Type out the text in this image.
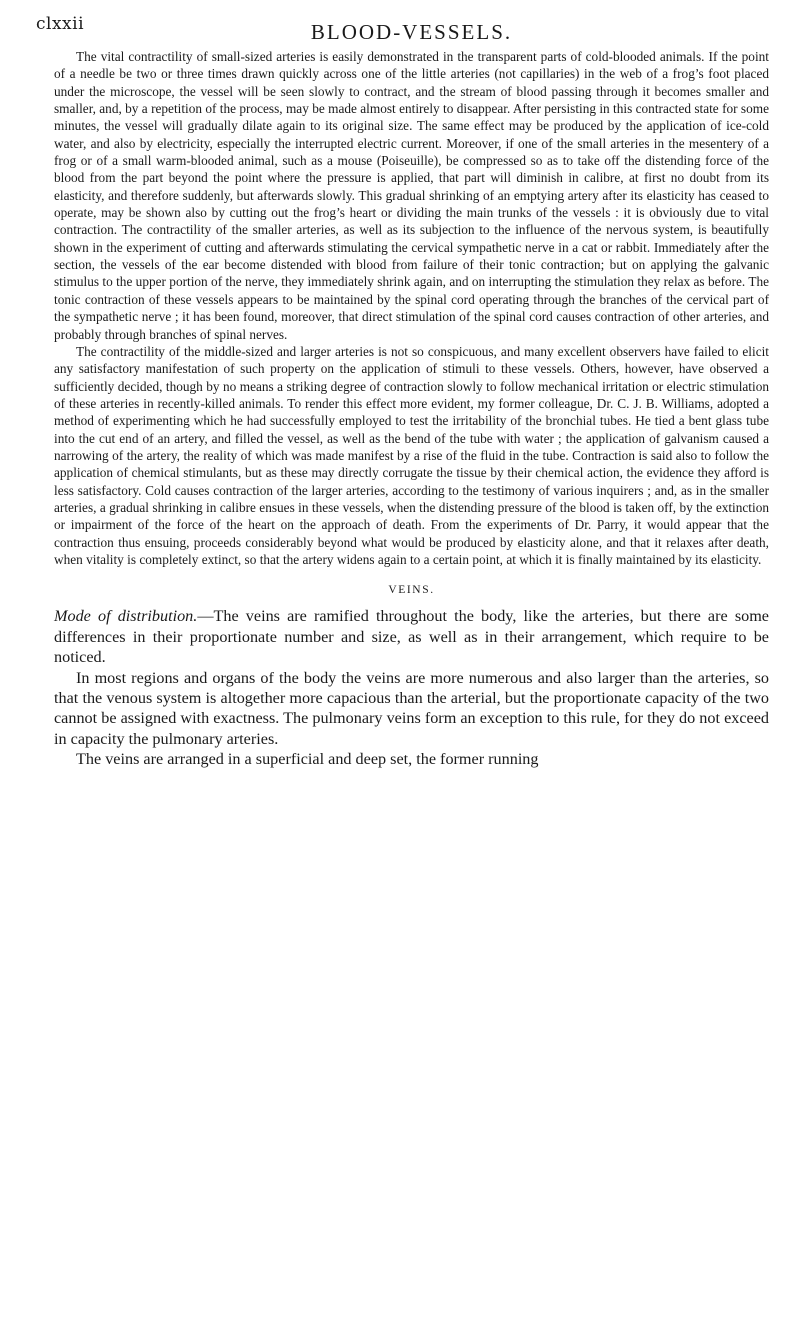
clxxii	BLOOD-VESSELS.

The vital contractility of small-sized arteries is easily demonstrated in the transparent parts of cold-blooded animals. If the point of a needle be two or three times drawn quickly across one of the little arteries (not capillaries) in the web of a frog’s foot placed under the microscope, the vessel will be seen slowly to contract, and the stream of blood passing through it becomes smaller and smaller, and, by a repetition of the process, may be made almost entirely to disappear. After persisting in this contracted state for some minutes, the vessel will gradually dilate again to its original size. The same effect may be produced by the application of ice-cold water, and also by electricity, especially the interrupted electric current. Moreover, if one of the small arteries in the mesentery of a frog or of a small warm-blooded animal, such as a mouse (Poiseuille), be compressed so as to take off the distending force of the blood from the part beyond the point where the pressure is applied, that part will diminish in calibre, at first no doubt from its elasticity, and therefore suddenly, but afterwards slowly. This gradual shrinking of an emptying artery after its elasticity has ceased to operate, may be shown also by cutting out the frog’s heart or dividing the main trunks of the vessels : it is obviously due to vital contraction. The contractility of the smaller arteries, as well as its subjection to the influence of the nervous system, is beautifully shown in the experiment of cutting and afterwards stimulating the cervical sympathetic nerve in a cat or rabbit. Immediately after the section, the vessels of the ear become distended with blood from failure of their tonic contraction; but on applying the galvanic stimulus to the upper portion of the nerve, they immediately shrink again, and on interrupting the stimulation they relax as before. The tonic contraction of these vessels appears to be maintained by the spinal cord operating through the branches of the cervical part of the sympathetic nerve ; it has been found, moreover, that direct stimulation of the spinal cord causes contraction of other arteries, and probably through branches of spinal nerves.

The contractility of the middle-sized and larger arteries is not so conspicuous, and many excellent observers have failed to elicit any satisfactory manifestation of such property on the application of stimuli to these vessels. Others, however, have observed a sufficiently decided, though by no means a striking degree of contraction slowly to follow mechanical irritation or electric stimulation of these arteries in recently-killed animals. To render this effect more evident, my former colleague, Dr. C. J. B. Williams, adopted a method of experimenting which he had successfully employed to test the irritability of the bronchial tubes. He tied a bent glass tube into the cut end of an artery, and filled the vessel, as well as the bend of the tube with water ; the application of galvanism caused a narrowing of the artery, the reality of which was made manifest by a rise of the fluid in the tube. Contraction is said also to follow the application of chemical stimulants, but as these may directly corrugate the tissue by their chemical action, the evidence they afford is less satisfactory. Cold causes contraction of the larger arteries, according to the testimony of various inquirers ; and, as in the smaller arteries, a gradual shrinking in calibre ensues in these vessels, when the distending pressure of the blood is taken off, by the extinction or impairment of the force of the heart on the approach of death. From the experiments of Dr. Parry, it would appear that the contraction thus ensuing, proceeds considerably beyond what would be produced by elasticity alone, and that it relaxes after death, when vitality is completely extinct, so that the artery widens again to a certain point, at which it is finally maintained by its elasticity.

VEINS.

Mode of distribution.—The veins are ramified throughout the body, like the arteries, but there are some differences in their proportionate number and size, as well as in their arrangement, which require to be noticed.

In most regions and organs of the body the veins are more numerous and also larger than the arteries, so that the venous system is altogether more capacious than the arterial, but the proportionate capacity of the two cannot be assigned with exactness. The pulmonary veins form an exception to this rule, for they do not exceed in capacity the pulmonary arteries.

The veins are arranged in a superficial and deep set, the former running
